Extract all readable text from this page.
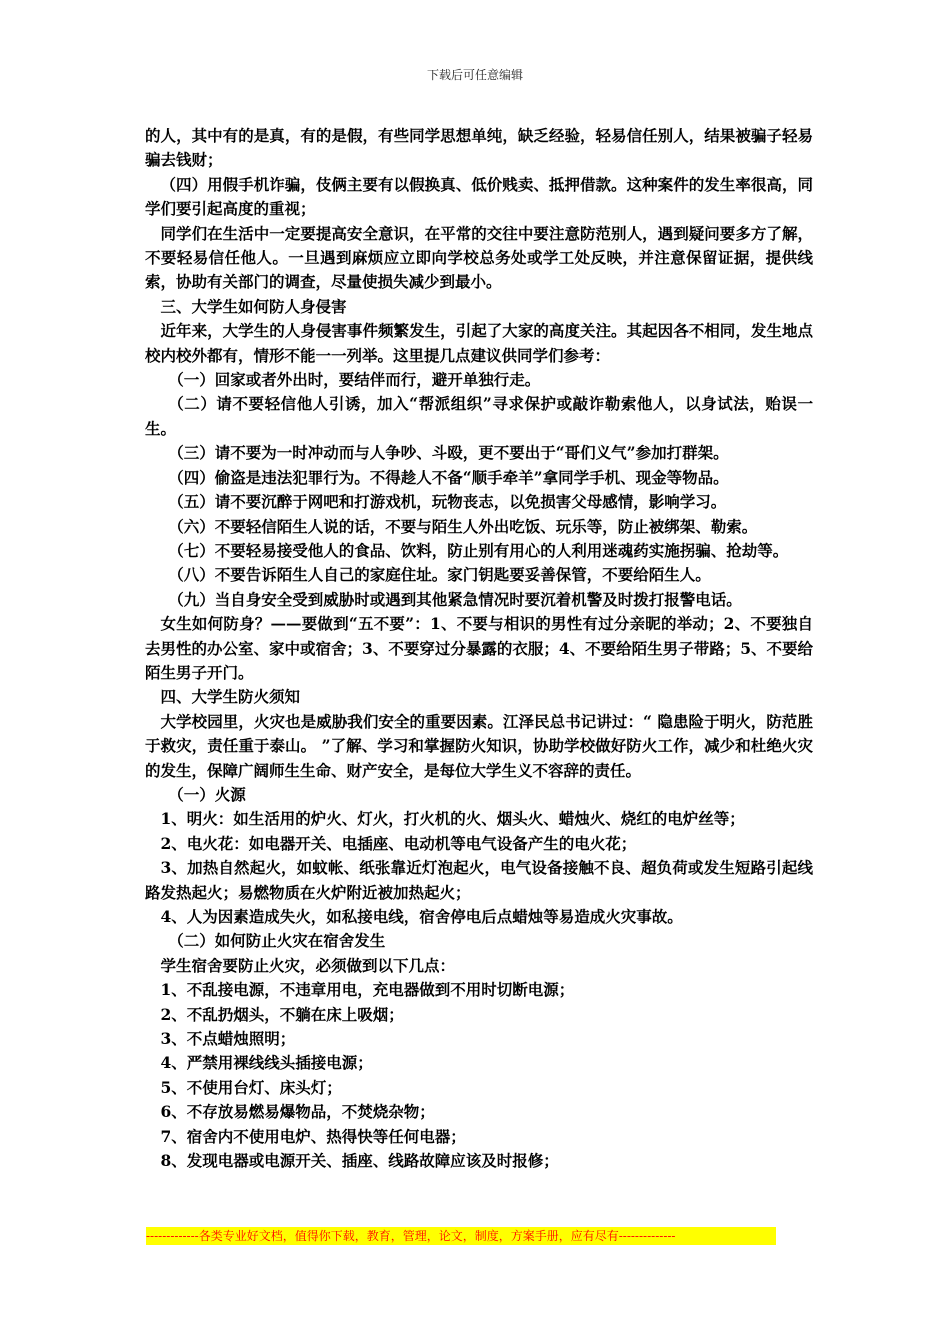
下载后可任意编辑

的人，其中有的是真，有的是假，有些同学思想单纯，缺乏经验，轻易信任别人，结果被骗子轻易骗去钱财；

（四）用假手机诈骗，伎俩主要有以假换真、低价贱卖、抵押借款。这种案件的发生率很高，同学们要引起高度的重视；

同学们在生活中一定要提高安全意识，在平常的交往中要注意防范别人，遇到疑问要多方了解，不要轻易信任他人。一旦遇到麻烦应立即向学校总务处或学工处反映，并注意保留证据，提供线索，协助有关部门的调查，尽量使损失减少到最小。

三、大学生如何防人身侵害

近年来，大学生的人身侵害事件频繁发生，引起了大家的高度关注。其起因各不相同，发生地点校内校外都有，情形不能一一列举。这里提几点建议供同学们参考：

（一）回家或者外出时，要结伴而行，避开单独行走。

（二）请不要轻信他人引诱，加入“帮派组织”寻求保护或敲诈勒索他人，以身试法，贻误一生。

（三）请不要为一时冲动而与人争吵、斗殴，更不要出于“哥们义气”参加打群架。

（四）偷盗是违法犯罪行为。不得趁人不备“顺手牵羊”拿同学手机、现金等物品。

（五）请不要沉醉于网吧和打游戏机，玩物丧志，以免损害父母感情，影响学习。

（六）不要轻信陌生人说的话，不要与陌生人外出吃饭、玩乐等，防止被绑架、勒索。

（七）不要轻易接受他人的食品、饮料，防止别有用心的人利用迷魂药实施拐骗、抢劫等。

（八）不要告诉陌生人自己的家庭住址。家门钥匙要妥善保管，不要给陌生人。

（九）当自身安全受到威胁时或遇到其他紧急情况时要沉着机警及时拨打报警电话。

女生如何防身？——要做到“五不要”：1、不要与相识的男性有过分亲昵的举动；2、不要独自去男性的办公室、家中或宿舍；3、不要穿过分暴露的衣服；4、不要给陌生男子带路；5、不要给陌生男子开门。

四、大学生防火须知

大学校园里，火灾也是威胁我们安全的重要因素。江泽民总书记讲过：“ 隐患险于明火，防范胜于救灾，责任重于泰山。 ”了解、学习和掌握防火知识，协助学校做好防火工作，减少和杜绝火灾的发生，保障广阔师生生命、财产安全，是每位大学生义不容辞的责任。

（一）火源

1、明火：如生活用的炉火、灯火，打火机的火、烟头火、蜡烛火、烧红的电炉丝等；

2、电火花：如电器开关、电插座、电动机等电气设备产生的电火花；

3、加热自然起火，如蚊帐、纸张靠近灯泡起火，电气设备接触不良、超负荷或发生短路引起线路发热起火；易燃物质在火炉附近被加热起火；

4、人为因素造成失火，如私接电线，宿舍停电后点蜡烛等易造成火灾事故。

（二）如何防止火灾在宿舍发生

学生宿舍要防止火灾，必须做到以下几点：

1、不乱接电源，不违章用电，充电器做到不用时切断电源；

2、不乱扔烟头，不躺在床上吸烟；

3、不点蜡烛照明；

4、严禁用裸线线头插接电源；

5、不使用台灯、床头灯；

6、不存放易燃易爆物品，不焚烧杂物；

7、宿舍内不使用电炉、热得快等任何电器；

8、发现电器或电源开关、插座、线路故障应该及时报修；

-------------各类专业好文档，值得你下载，教育，管理，论文，制度，方案手册，应有尽有--------------
